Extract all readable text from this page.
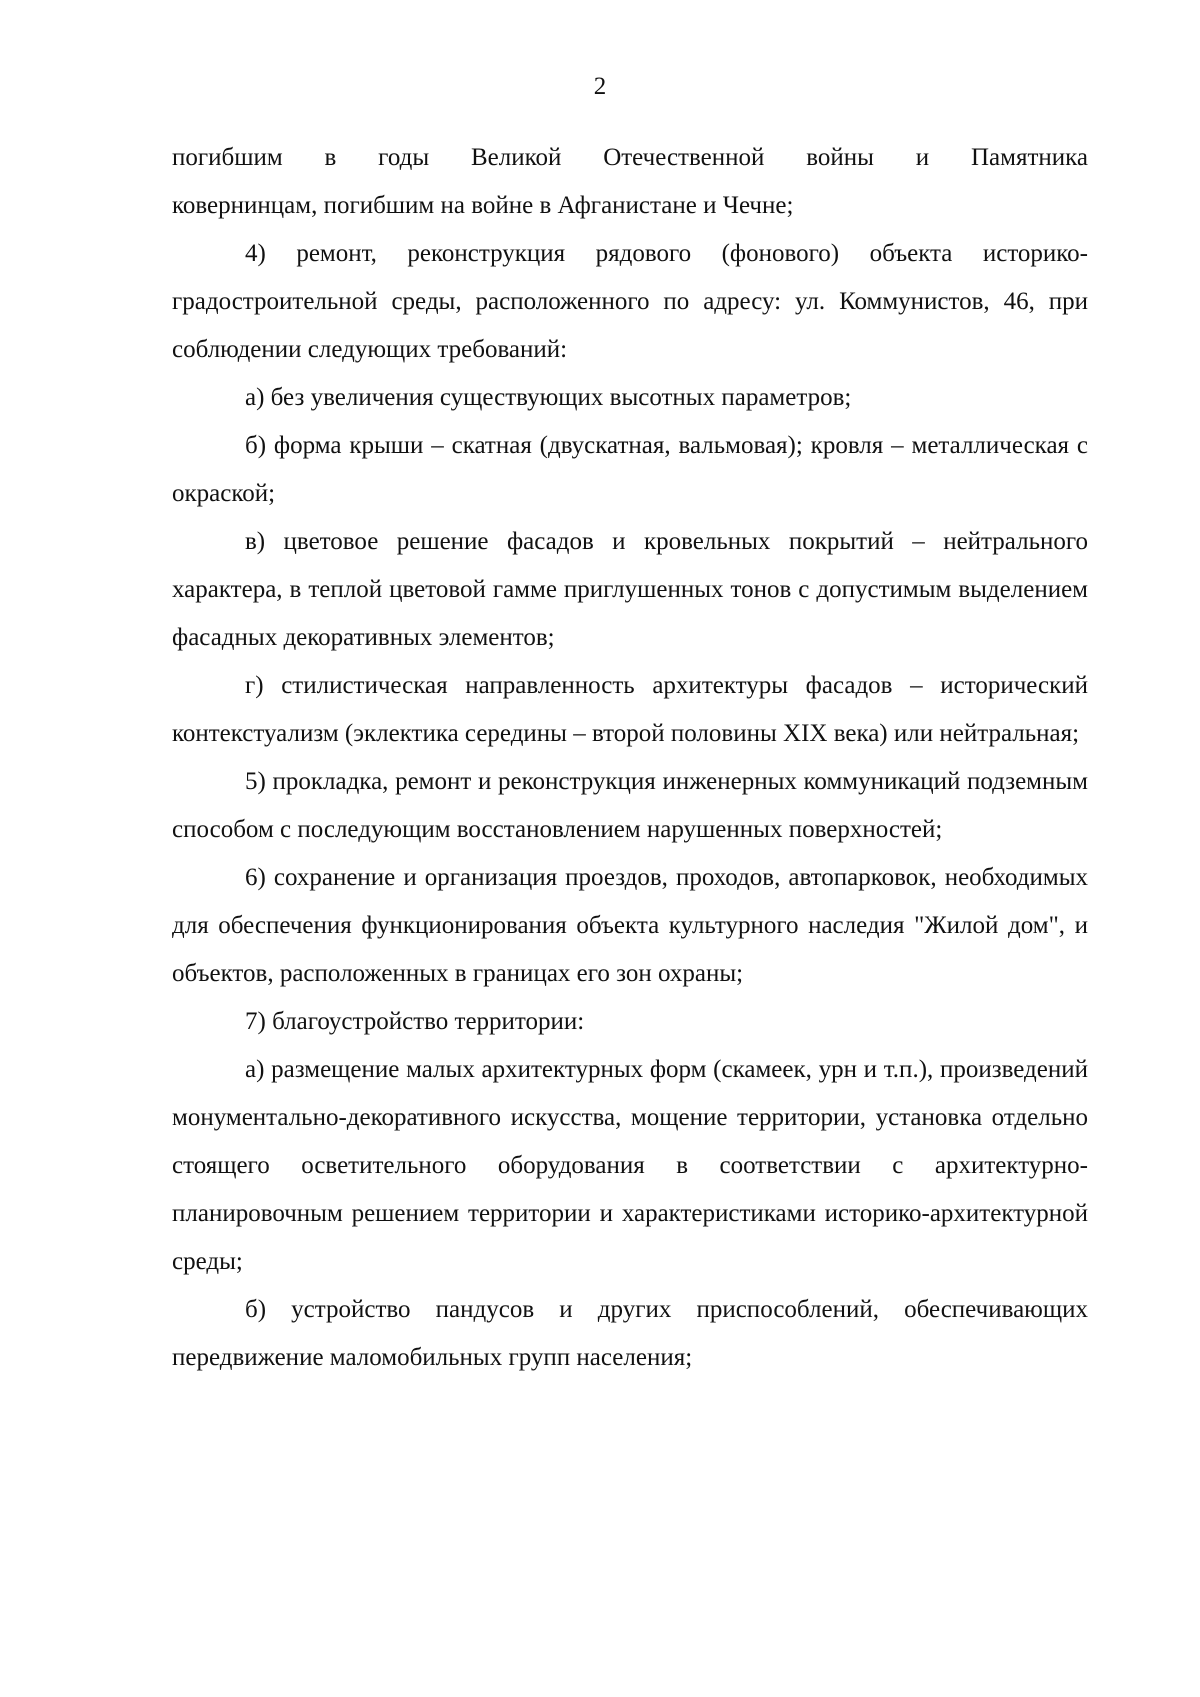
2

погибшим в годы Великой Отечественной войны и Памятника
ковернинцам, погибшим на войне в Афганистане и Чечне;

4) ремонт, реконструкция рядового (фонового) объекта историко-градостроительной среды, расположенного по адресу: ул. Коммунистов, 46, при соблюдении следующих требований:

а) без увеличения существующих высотных параметров;

б) форма крыши – скатная (двускатная, вальмовая); кровля – металлическая с окраской;

в) цветовое решение фасадов и кровельных покрытий – нейтрального характера, в теплой цветовой гамме приглушенных тонов с допустимым выделением фасадных декоративных элементов;

г) стилистическая направленность архитектуры фасадов – исторический контекстуализм (эклектика середины – второй половины XIX века) или нейтральная;

5) прокладка, ремонт и реконструкция инженерных коммуникаций подземным способом с последующим восстановлением нарушенных поверхностей;

6) сохранение и организация проездов, проходов, автопарковок, необходимых для обеспечения функционирования объекта культурного наследия "Жилой дом", и объектов, расположенных в границах его зон охраны;

7) благоустройство территории:

а) размещение малых архитектурных форм (скамеек, урн и т.п.), произведений монументально-декоративного искусства, мощение территории, установка отдельно стоящего осветительного оборудования в соответствии с архитектурно-планировочным решением территории и характеристиками историко-архитектурной среды;

б) устройство пандусов и других приспособлений, обеспечивающих передвижение маломобильных групп населения;
